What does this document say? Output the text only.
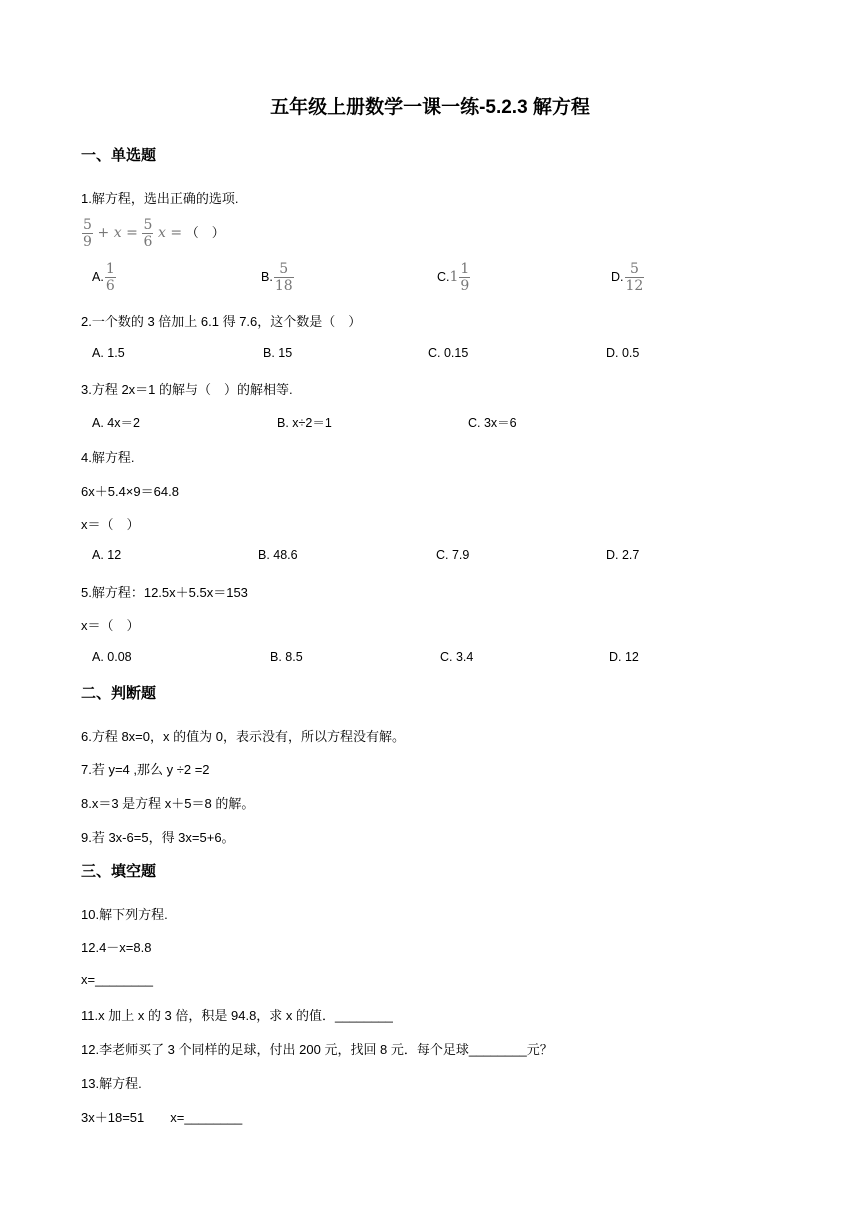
五年级上册数学一课一练-5.2.3 解方程
一、单选题
1.解方程，选出正确的选项.
$\frac{5}{9} + x = \frac{5}{6}$ x = （　）
A. $\frac{1}{6}$	B. $\frac{5}{18}$	$C.1 \frac{1}{9}$	D. $\frac{5}{12}$
2.一个数的 3 倍加上 6.1 得 7.6，这个数是（　）
A. 1.5	B. 15	C. 0.15	D. 0.5
3.方程 2x＝1 的解与（　）的解相等.
A. 4x＝2	B. x÷2＝1	C. 3x＝6
4.解方程.
6x＋5.4×9＝64.8
x＝（　）
A. 12	B. 48.6	C. 7.9	D. 2.7
5.解方程：12.5x＋5.5x＝153
x＝（　）
A. 0.08	B. 8.5	C. 3.4	D. 12
二、判断题
6.方程 8x=0，x 的值为 0，表示没有，所以方程没有解。
7.若 y=4 ,那么 y ÷2 =2
8.x＝3 是方程 x＋5＝8 的解。
9.若 3x-6=5，得 3x=5+6。
三、填空题
10.解下列方程.
12.4－x=8.8
x=________
11.x 加上 x 的 3 倍，积是 94.8，求 x 的值．________
12.李老师买了 3 个同样的足球，付出 200 元，找回 8 元．每个足球________元？
13.解方程.
3x＋18=51 x=________
